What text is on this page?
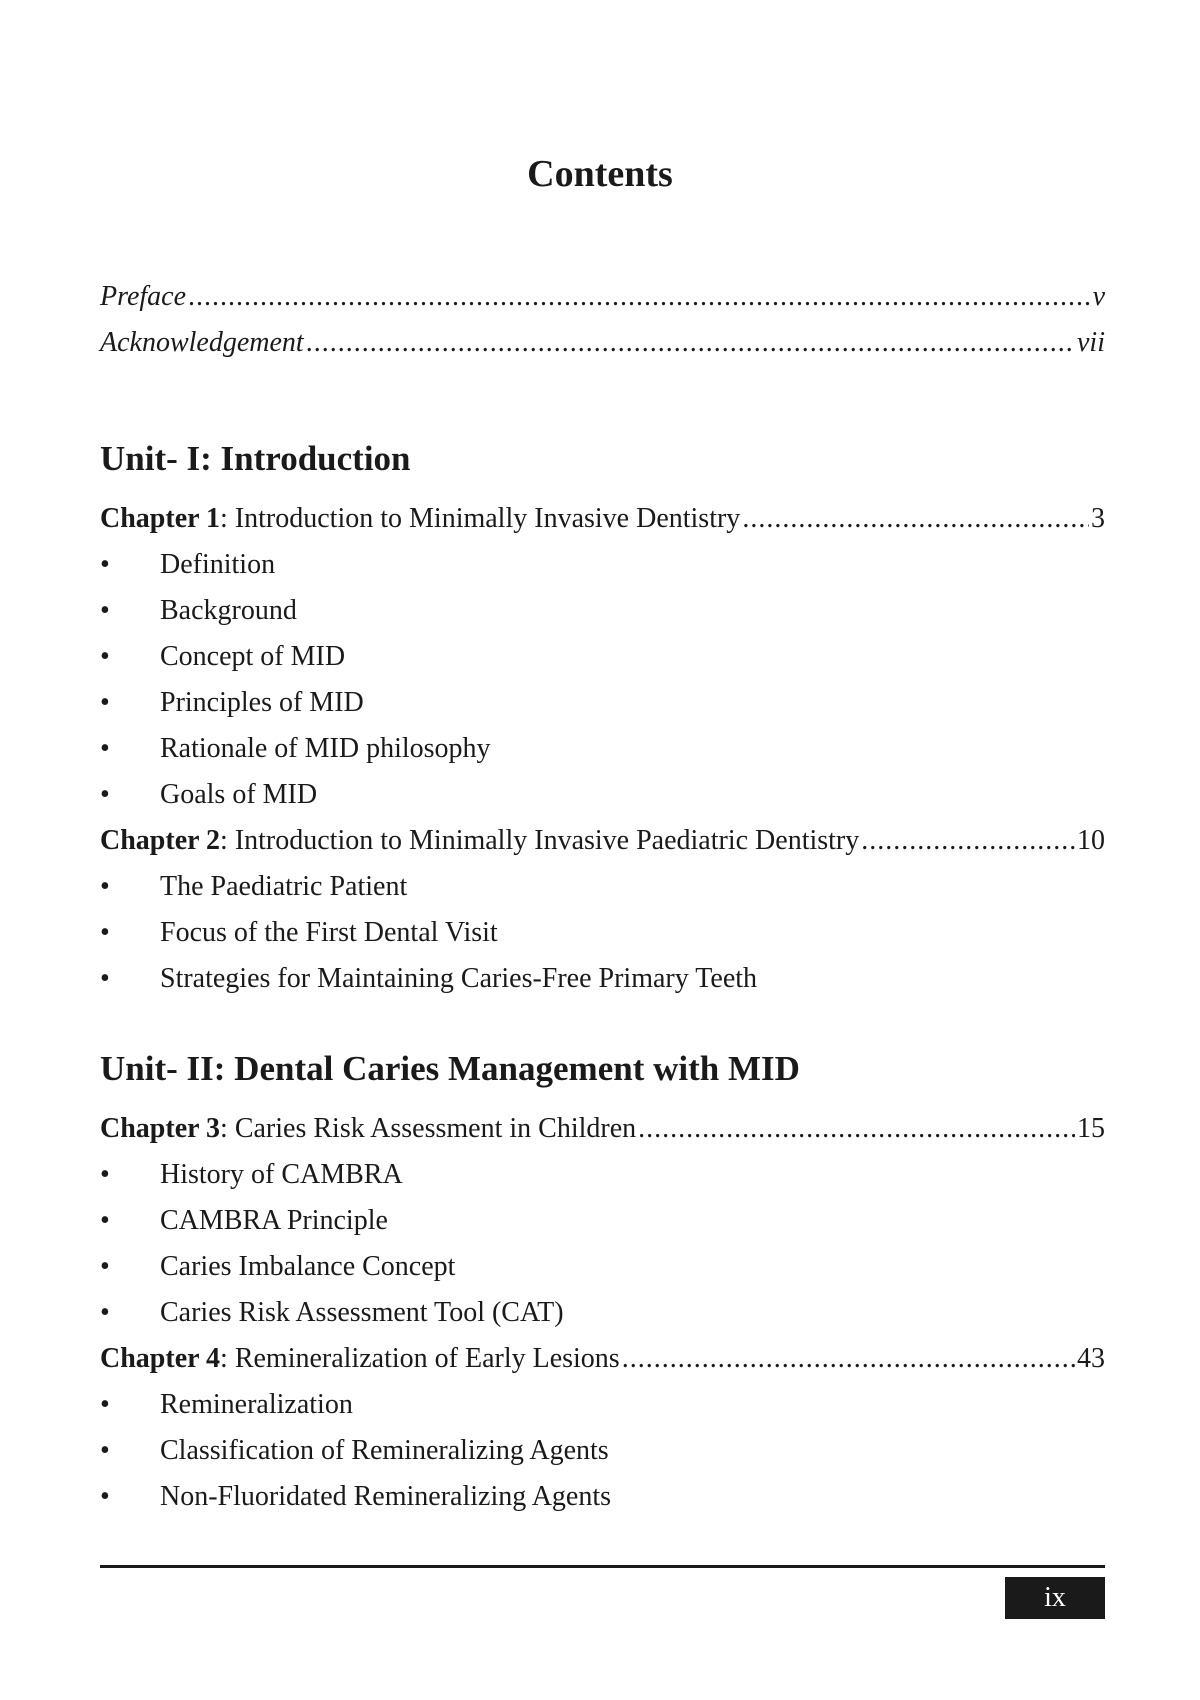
Contents
Preface .....	v
Acknowledgement .....	vii
Unit- I: Introduction
Chapter 1: Introduction to Minimally Invasive Dentistry .....	3
•	Definition
•	Background
•	Concept of MID
•	Principles of MID
•	Rationale of MID philosophy
•	Goals of MID
Chapter 2: Introduction to Minimally Invasive Paediatric Dentistry .....	10
•	The Paediatric Patient
•	Focus of the First Dental Visit
•	Strategies for Maintaining Caries-Free Primary Teeth
Unit- II: Dental Caries Management with MID
Chapter 3: Caries Risk Assessment in Children .....	15
•	History of CAMBRA
•	CAMBRA Principle
•	Caries Imbalance Concept
•	Caries Risk Assessment Tool (CAT)
Chapter 4: Remineralization of Early Lesions .....	43
•	Remineralization
•	Classification of Remineralizing Agents
•	Non-Fluoridated Remineralizing Agents
ix
